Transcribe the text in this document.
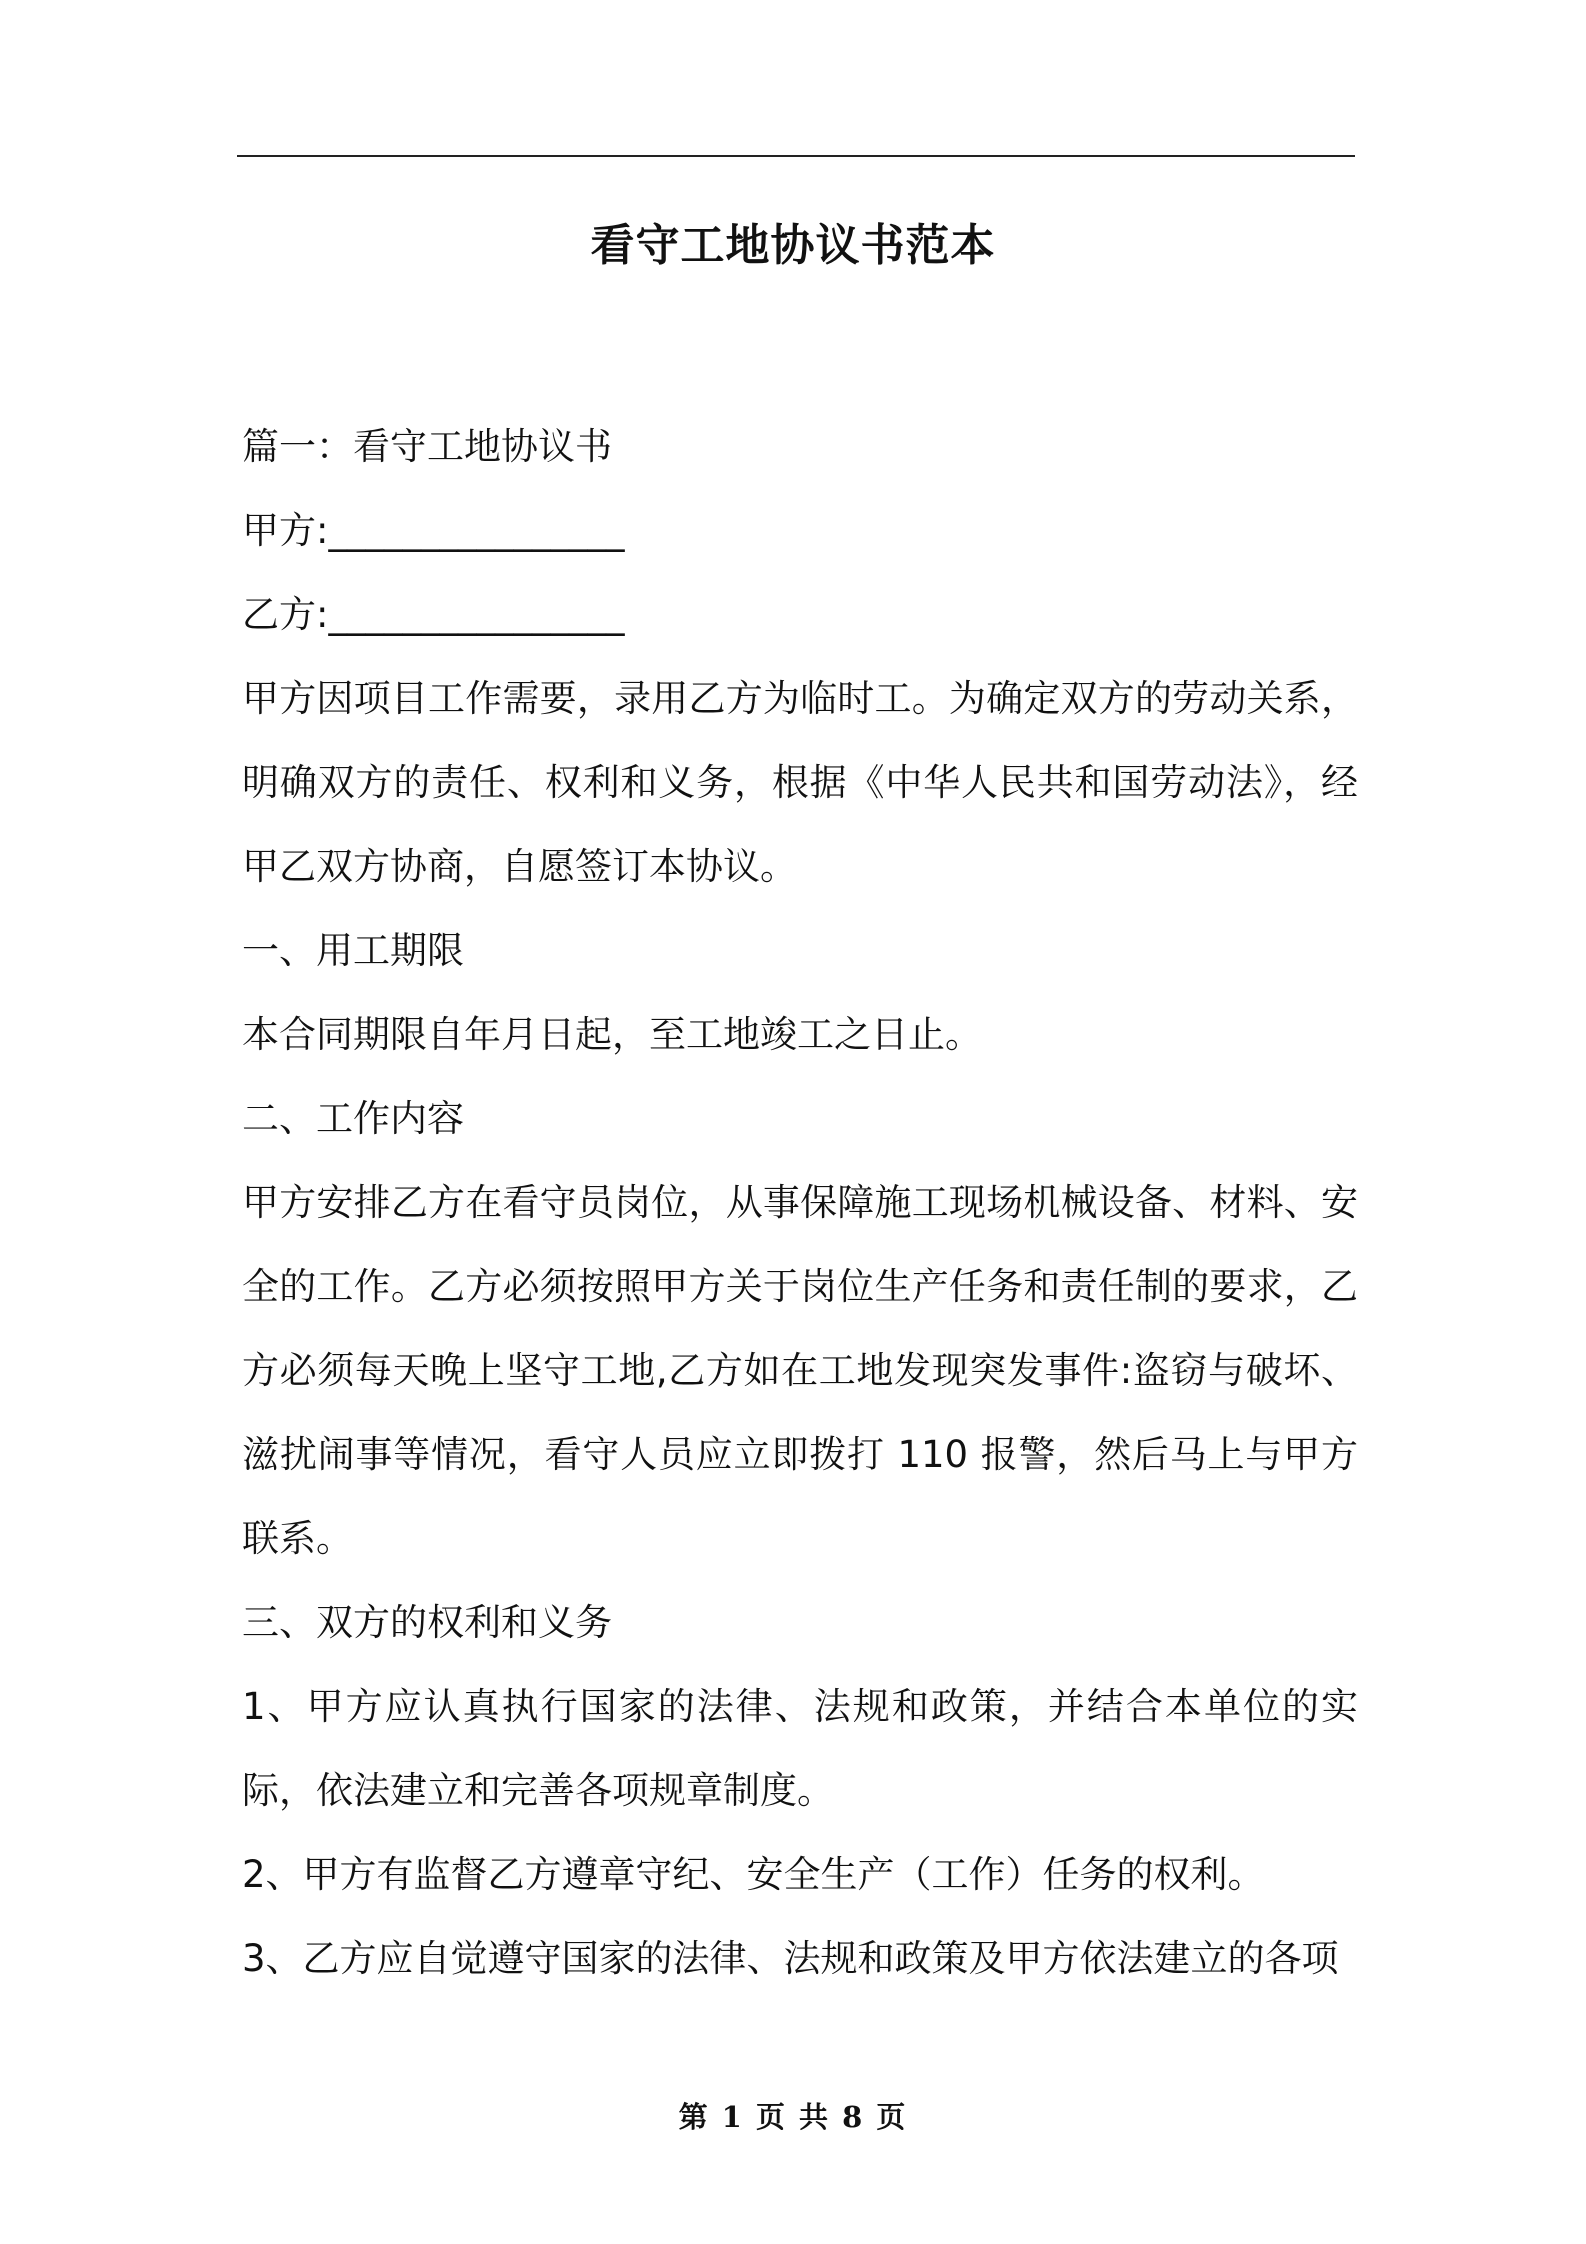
看守工地协议书范本

篇一：看守工地协议书

甲方:________________

乙方:________________

甲方因项目工作需要，录用乙方为临时工。为确定双方的劳动关系，明确双方的责任、权利和义务，根据《中华人民共和国劳动法》，经甲乙双方协商，自愿签订本协议。

一、用工期限

本合同期限自年月日起，至工地竣工之日止。

二、工作内容

甲方安排乙方在看守员岗位，从事保障施工现场机械设备、材料、安全的工作。乙方必须按照甲方关于岗位生产任务和责任制的要求，乙方必须每天晚上坚守工地,乙方如在工地发现突发事件:盗窃与破坏、滋扰闹事等情况，看守人员应立即拨打 110 报警，然后马上与甲方联系。

三、双方的权利和义务

1、甲方应认真执行国家的法律、法规和政策，并结合本单位的实际，依法建立和完善各项规章制度。

2、甲方有监督乙方遵章守纪、安全生产（工作）任务的权利。

3、乙方应自觉遵守国家的法律、法规和政策及甲方依法建立的各项

第 1 页 共 8 页
